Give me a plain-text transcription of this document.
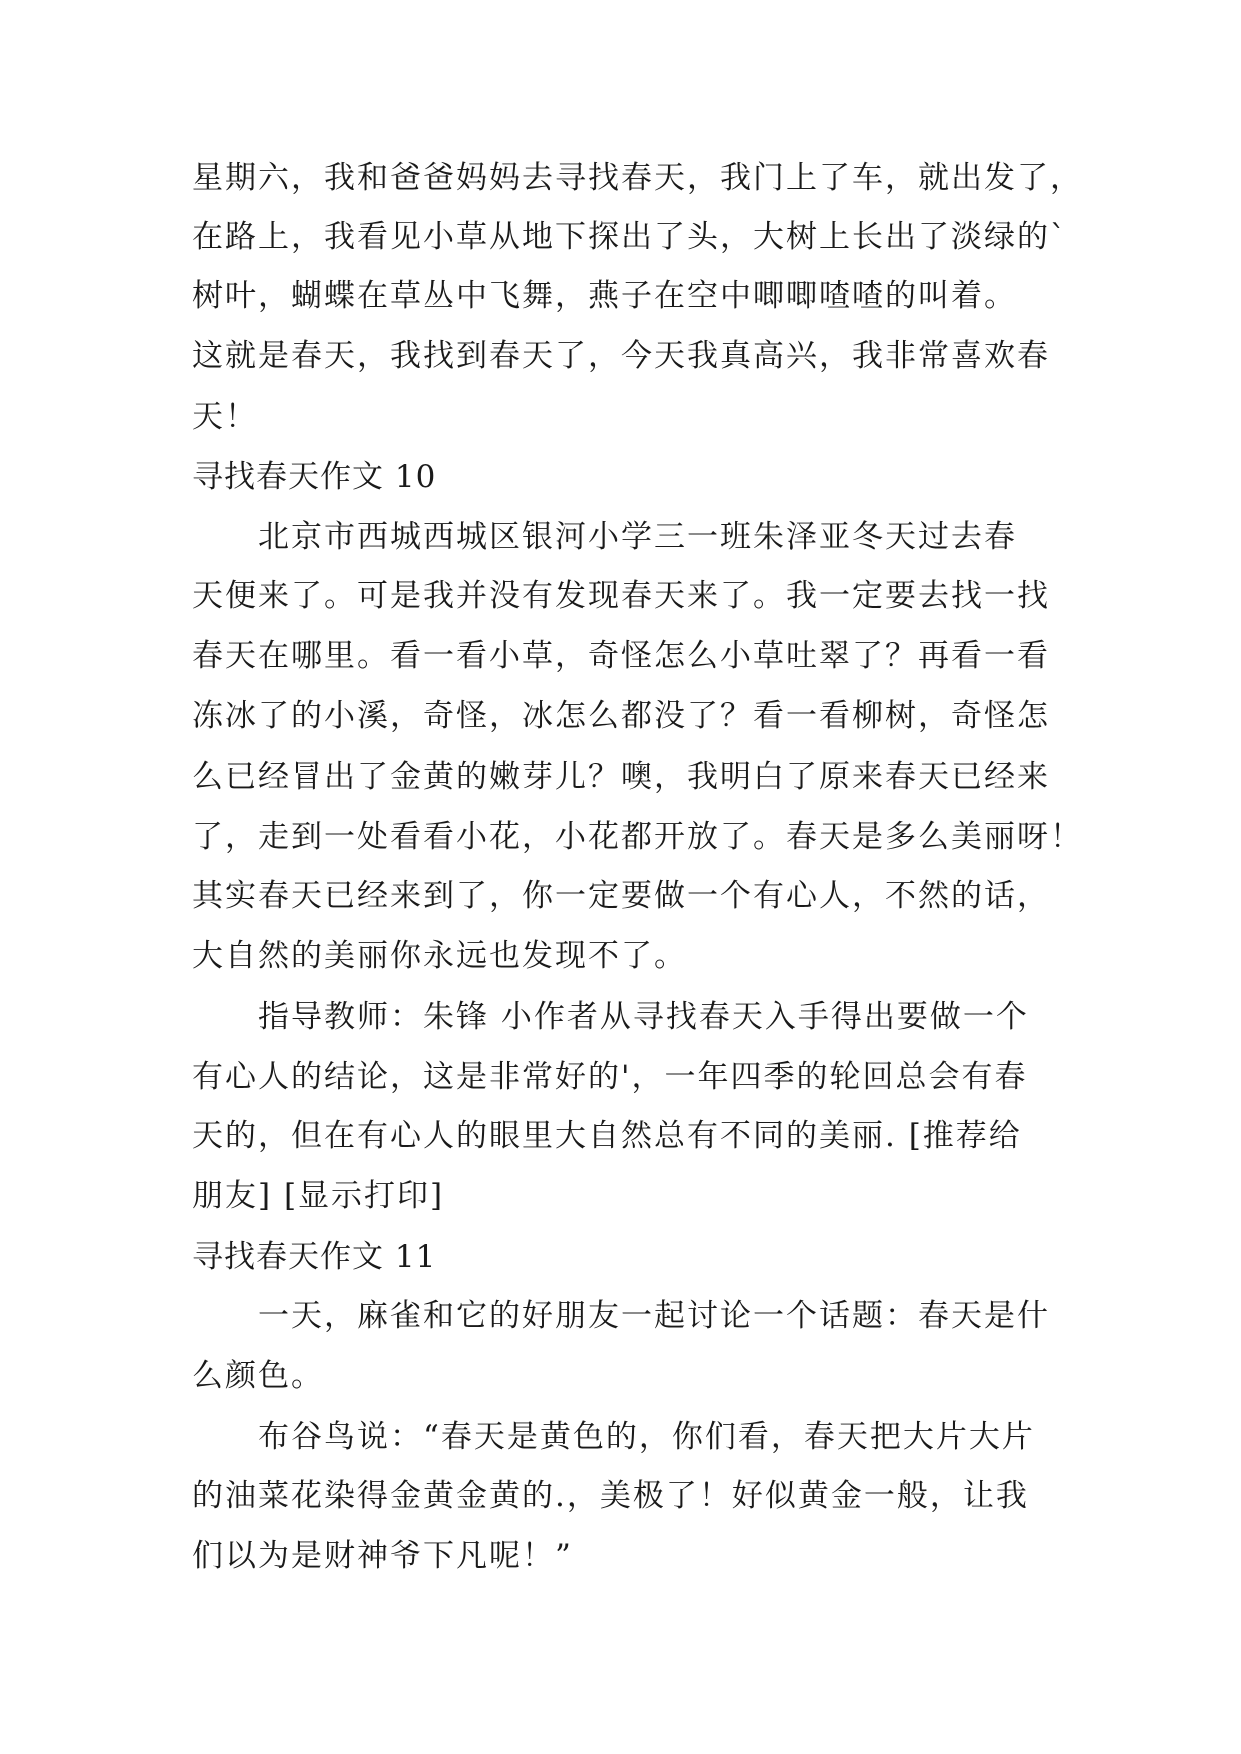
星期六，我和爸爸妈妈去寻找春天，我门上了车，就出发了，
在路上，我看见小草从地下探出了头，大树上长出了淡绿的`
树叶，蝴蝶在草丛中飞舞，燕子在空中唧唧喳喳的叫着。
这就是春天，我找到春天了，今天我真高兴，我非常喜欢春
天！
寻找春天作文 10
北京市西城西城区银河小学三一班朱泽亚冬天过去春
天便来了。可是我并没有发现春天来了。我一定要去找一找
春天在哪里。看一看小草，奇怪怎么小草吐翠了？再看一看
冻冰了的小溪，奇怪，冰怎么都没了？看一看柳树，奇怪怎
么已经冒出了金黄的嫩芽儿？噢，我明白了原来春天已经来
了，走到一处看看小花，小花都开放了。春天是多么美丽呀！
其实春天已经来到了，你一定要做一个有心人，不然的话，
大自然的美丽你永远也发现不了。
指导教师：朱锋 小作者从寻找春天入手得出要做一个
有心人的结论，这是非常好的'，一年四季的轮回总会有春
天的，但在有心人的眼里大自然总有不同的美丽. [推荐给
朋友] [显示打印]
寻找春天作文 11
一天，麻雀和它的好朋友一起讨论一个话题：春天是什
么颜色。
布谷鸟说：“春天是黄色的，你们看，春天把大片大片
的油菜花染得金黄金黄的.，美极了！好似黄金一般，让我
们以为是财神爷下凡呢！”
